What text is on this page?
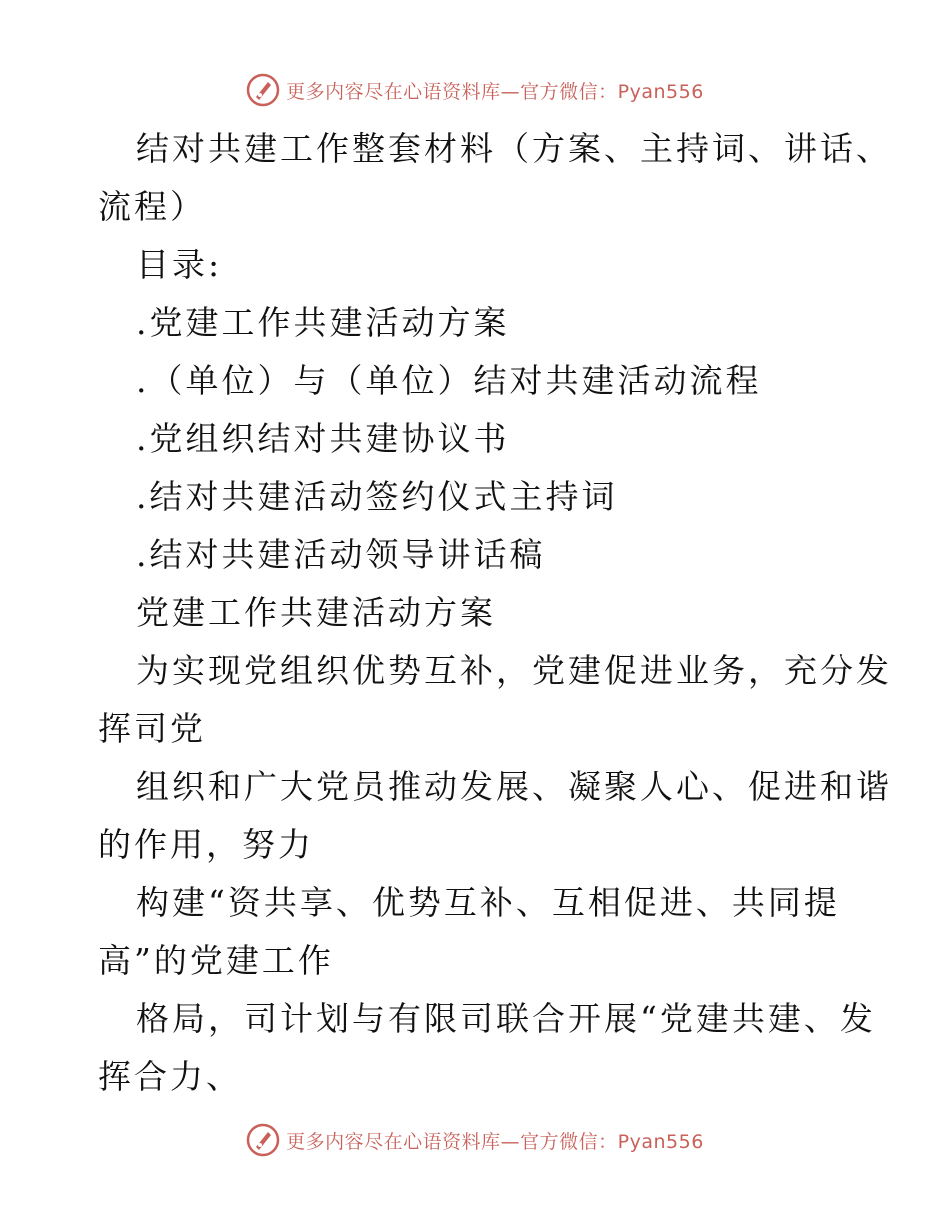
更多内容尽在心语资料库—官方微信：Pyan556
结对共建工作整套材料（方案、主持词、讲话、
流程）
目录:
.党建工作共建活动方案
.（单位）与（单位）结对共建活动流程
.党组织结对共建协议书
.结对共建活动签约仪式主持词
.结对共建活动领导讲话稿
党建工作共建活动方案
为实现党组织优势互补，党建促进业务，充分发
挥司党
组织和广大党员推动发展、凝聚人心、促进和谐
的作用，努力
构建“资共享、优势互补、互相促进、共同提
高”的党建工作
格局，司计划与有限司联合开展“党建共建、发
挥合力、
更多内容尽在心语资料库—官方微信：Pyan556
